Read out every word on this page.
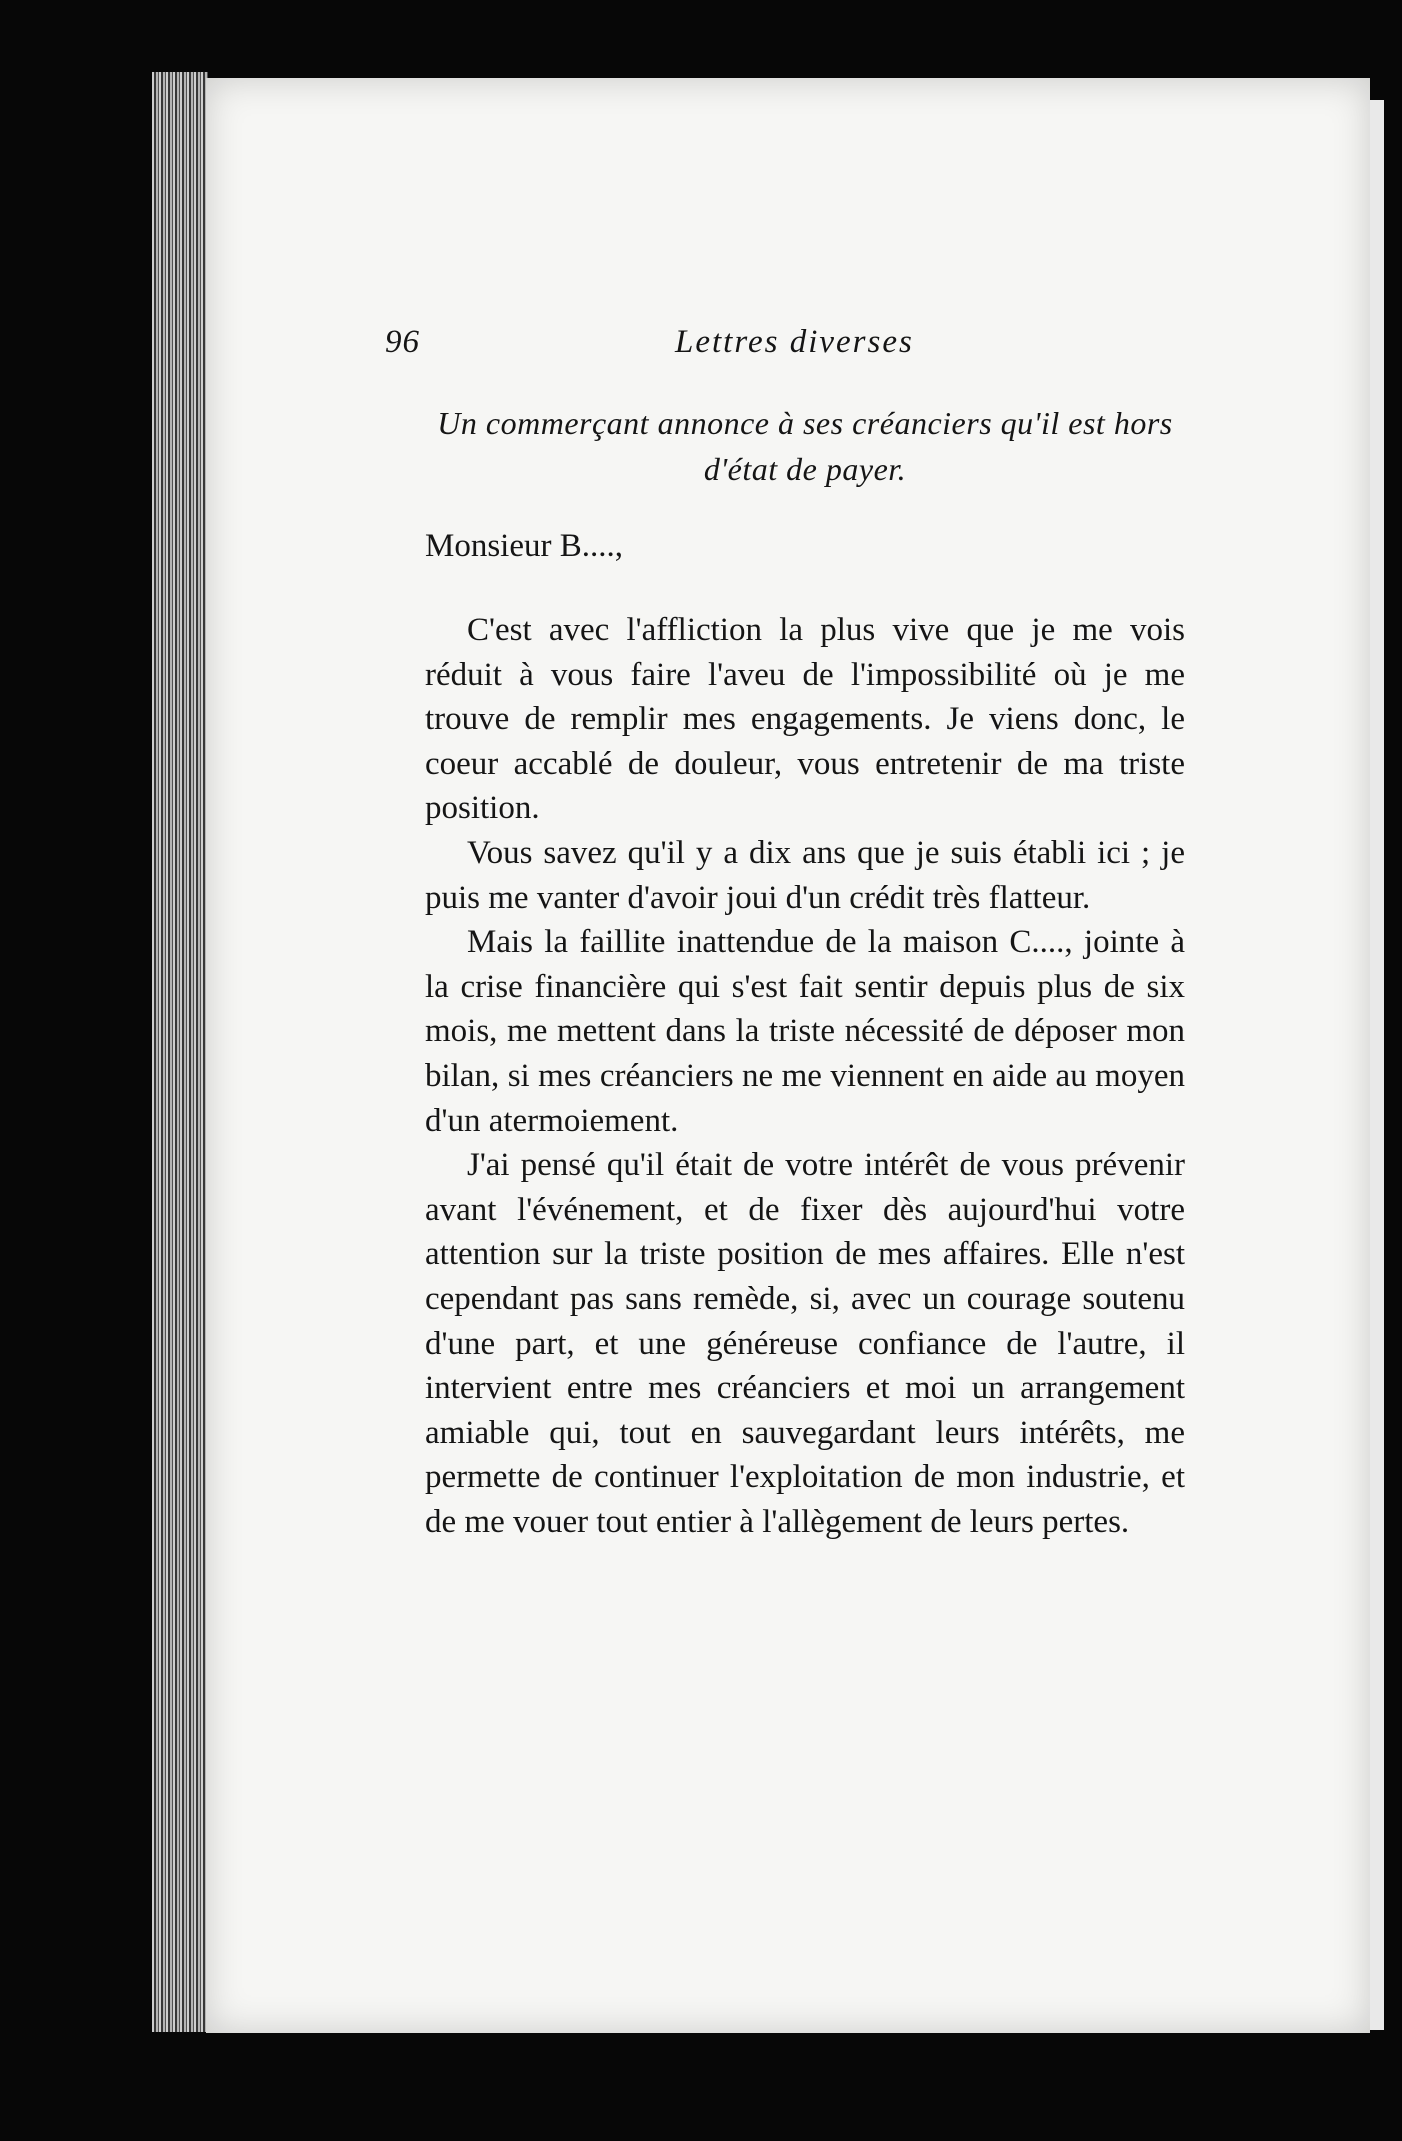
96	Lettres diverses

Un commerçant annonce à ses créanciers qu'il est hors d'état de payer.

Monsieur B....,

C'est avec l'affliction la plus vive que je me vois réduit à vous faire l'aveu de l'impossibilité où je me trouve de remplir mes engagements. Je viens donc, le coeur accablé de douleur, vous entretenir de ma triste position.

Vous savez qu'il y a dix ans que je suis établi ici ; je puis me vanter d'avoir joui d'un crédit très flatteur.

Mais la faillite inattendue de la maison C...., jointe à la crise financière qui s'est fait sentir depuis plus de six mois, me mettent dans la triste nécessité de déposer mon bilan, si mes créanciers ne me viennent en aide au moyen d'un atermoiement.

J'ai pensé qu'il était de votre intérêt de vous prévenir avant l'événement, et de fixer dès aujourd'hui votre attention sur la triste position de mes affaires. Elle n'est cependant pas sans remède, si, avec un courage soutenu d'une part, et une généreuse confiance de l'autre, il intervient entre mes créanciers et moi un arrangement amiable qui, tout en sauvegardant leurs intérêts, me permette de continuer l'exploitation de mon industrie, et de me vouer tout entier à l'allègement de leurs pertes.
